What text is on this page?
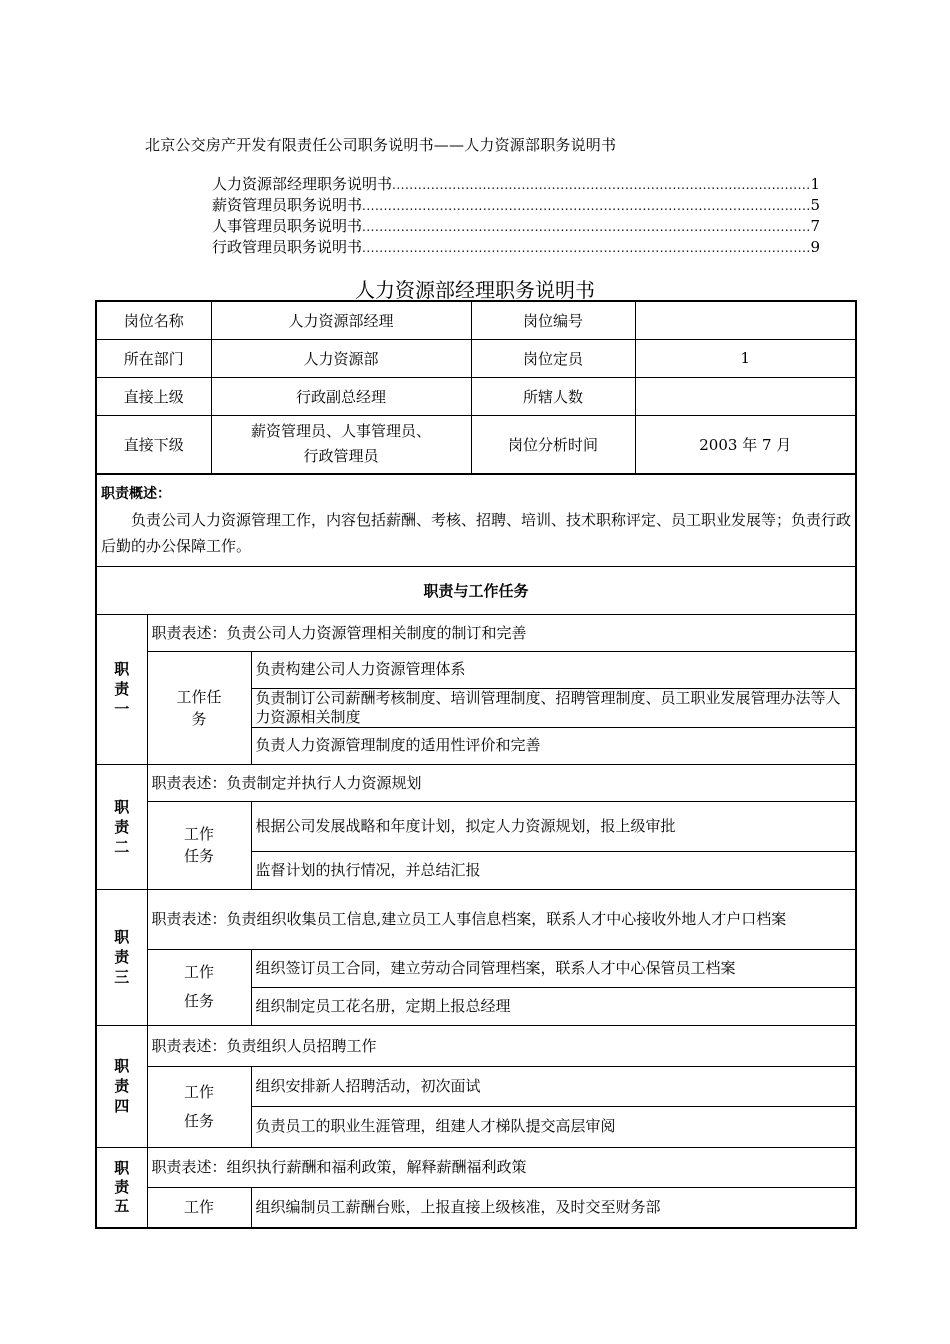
北京公交房产开发有限责任公司职务说明书——人力资源部职务说明书
人力资源部经理职务说明书 .....	1
薪资管理员职务说明书 .....	5
人事管理员职务说明书 .....	7
行政管理员职务说明书 .....	9
人力资源部经理职务说明书
岗位名称		人力资源部经理		岗位编号	
所在部门		人力资源部		岗位定员	1
直接上级		行政副总经理		所辖人数	
直接下级		薪资管理员、人事管理员、
行政管理员		岗位分析时间	2003 年 7 月

职责概述：
负责公司人力资源管理工作，内容包括薪酬、考核、招聘、培训、技术职称评定、员工职业发展等；负责行政后勤的办公保障工作。					

职责与工作任务					

职
责
一	职责表述：负责公司人力资源管理相关制度的制订和完善				

	工作任
务		负责构建公司人力资源管理体系		
			负责制订公司薪酬考核制度、培训管理制度、招聘管理制度、员工职业发展管理办法等人力资源相关制度		
			负责人力资源管理制度的适用性评价和完善		

职
责
二	职责表述：负责制定并执行人力资源规划				

	工作
任务		根据公司发展战略和年度计划，拟定人力资源规划，报上级审批		
			监督计划的执行情况，并总结汇报		

职
责
三	职责表述：负责组织收集员工信息,建立员工人事信息档案，联系人才中心接收外地人才户口档案				

	工作
任务		组织签订员工合同，建立劳动合同管理档案，联系人才中心保管员工档案		
			组织制定员工花名册，定期上报总经理		

职
责
四	职责表述：负责组织人员招聘工作				

	工作
任务		组织安排新人招聘活动，初次面试		
			负责员工的职业生涯管理，组建人才梯队提交高层审阅		

职
责
五	职责表述：组织执行薪酬和福利政策，解释薪酬福利政策				

	工作		组织编制员工薪酬台账，上报直接上级核准，及时交至财务部		
